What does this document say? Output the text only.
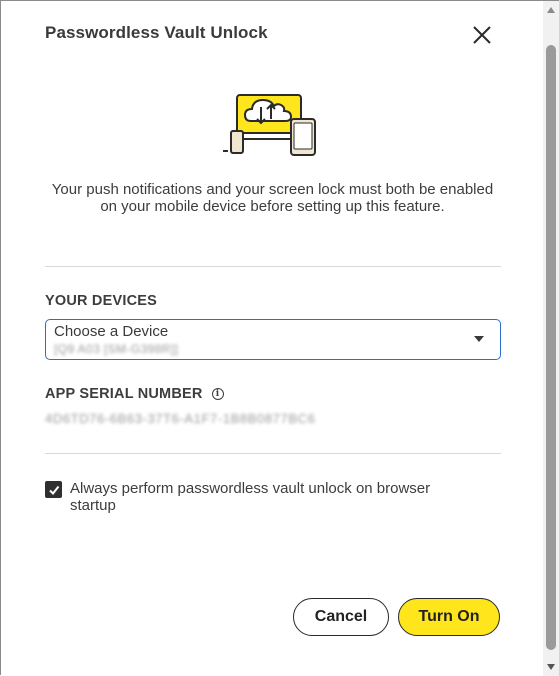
Passwordless Vault Unlock
Your push notifications and your screen lock must both be enabled on your mobile device before setting up this feature.
YOUR DEVICES
Choose a Device
[Q9 A03 [SM-G398R]]
APP SERIAL NUMBER	i
4D6TD76-6B63-37T6-A1F7-1B8B0877BC6
Always perform passwordless vault unlock on browser startup
Cancel	Turn On
